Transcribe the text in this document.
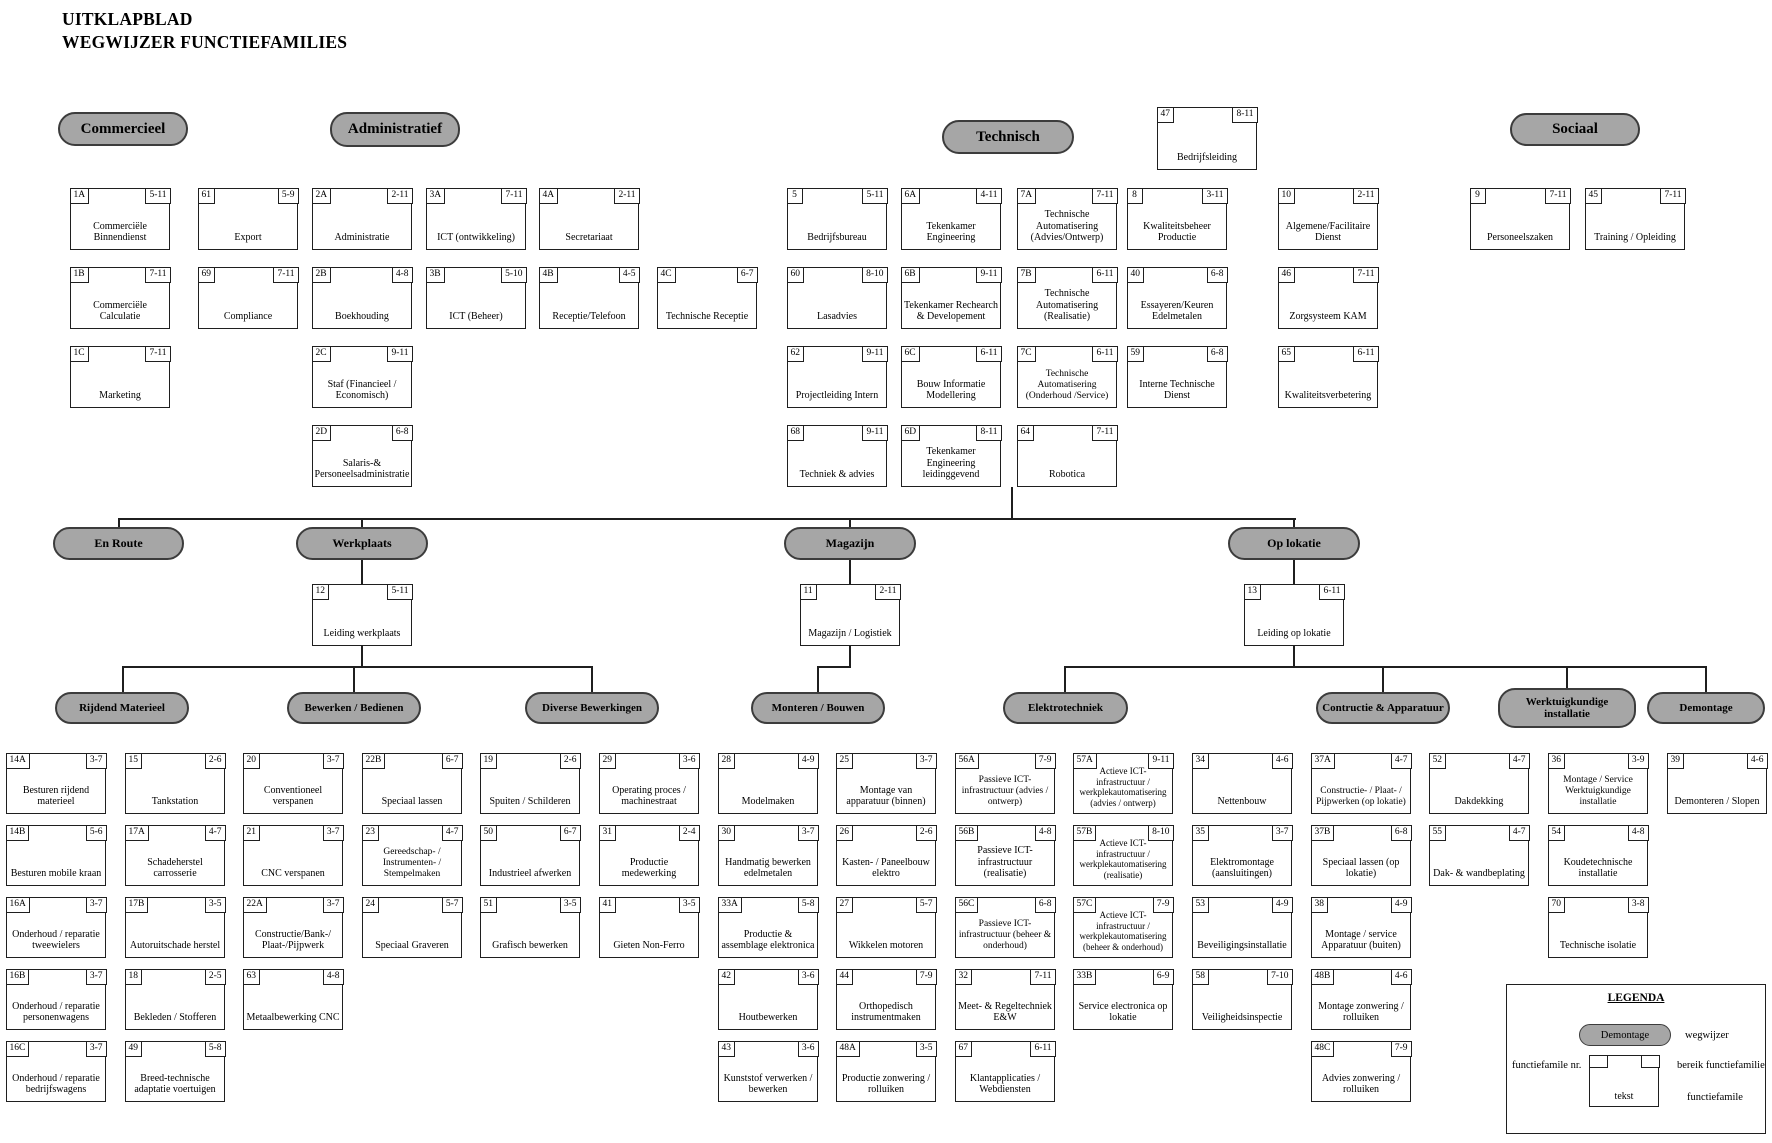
UITKLAPBLAD
WEGWIJZER FUNCTIEFAMILIES
LEGENDA
Demontage	wegwijzer
functiefamile nr.
tekst
bereik functiefamilie
functiefamile
Commercieel	Administratief	Technisch	Sociaal
En Route	Werkplaats	Magazijn	Op lokatie
Rijdend Materieel	Bewerken / Bedienen	Diverse Bewerkingen	Monteren / Bouwen	Elektrotechniek	Contructie & Apparatuur
Werktuigkundige installatie
Demontage
1A	5-11
Commerciële Binnendienst
1B	7-11
Commerciële Calculatie
1C	7-11
Marketing
61	5-9
Export
69	7-11
Compliance
2A	2-11
Administratie
2B	4-8
Boekhouding
2C	9-11
Staf (Financieel / Economisch)
2D	6-8
Salaris-& Personeelsadministratie
3A	7-11
ICT (ontwikkeling)
3B	5-10
ICT (Beheer)
4A	2-11
Secretariaat
4B	4-5
Receptie/Telefoon
4C	6-7
Technische Receptie
5	5-11
Bedrijfsbureau
60	8-10
Lasadvies
62	9-11
Projectleiding Intern
68	9-11
Techniek & advies
6A	4-11
Tekenkamer Engineering
6B	9-11
Tekenkamer Rechearch & Developement
6C	6-11
Bouw Informatie Modellering
6D	8-11
Tekenkamer Engineering leidinggevend
7A	7-11
Technische Automatisering (Advies/Ontwerp)
7B	6-11
Technische Automatisering (Realisatie)
7C	6-11
Technische Automatisering (Onderhoud /Service)
64	7-11
Robotica
8	3-11
Kwaliteitsbeheer Productie
40	6-8
Essayeren/Keuren Edelmetalen
59	6-8
Interne Technische Dienst
47	8-11
Bedrijfsleiding
10	2-11
Algemene/Facilitaire Dienst
46	7-11
Zorgsysteem KAM
65	6-11
Kwaliteitsverbetering
9	7-11
Personeelszaken
45	7-11
Training / Opleiding
12	5-11
Leiding werkplaats
11	2-11
Magazijn / Logistiek
13	6-11
Leiding op lokatie
14A	3-7
Besturen rijdend materieel
14B	5-6
Besturen mobile kraan
16A	3-7
Onderhoud / reparatie tweewielers
16B	3-7
Onderhoud / reparatie personenwagens
16C	3-7
Onderhoud / reparatie bedrijfswagens
15	2-6
Tankstation
17A	4-7
Schadeherstel carrosserie
17B	3-5
Autoruitschade herstel
18	2-5
Bekleden / Stofferen
49	5-8
Breed-technische adaptatie voertuigen
20	3-7
Conventioneel verspanen
21	3-7
CNC verspanen
22A	3-7
Constructie/Bank-/ Plaat-/Pijpwerk
63	4-8
Metaalbewerking CNC
22B	6-7
Speciaal lassen
23	4-7
Gereedschap- / Instrumenten- / Stempelmaken
24	5-7
Speciaal Graveren
19	2-6
Spuiten / Schilderen
50	6-7
Industrieel afwerken
51	3-5
Grafisch bewerken
29	3-6
Operating proces / machinestraat
31	2-4
Productie medewerking
41	3-5
Gieten Non-Ferro
28	4-9
Modelmaken
30	3-7
Handmatig bewerken edelmetalen
33A	5-8
Productie & assemblage elektronica
42	3-6
Houtbewerken
43	3-6
Kunststof verwerken / bewerken
25	3-7
Montage van apparatuur (binnen)
26	2-6
Kasten- / Paneelbouw elektro
27	5-7
Wikkelen motoren
44	7-9
Orthopedisch instrumentmaken
48A	3-5
Productie zonwering / rolluiken
56A	7-9
Passieve ICT-infrastructuur (advies / ontwerp)
56B	4-8
Passieve ICT-infrastructuur (realisatie)
56C	6-8
Passieve ICT-infrastructuur (beheer & onderhoud)
32	7-11
Meet- & Regeltechniek E&W
67	6-11
Klantapplicaties / Webdiensten
57A	9-11
Actieve ICT-infrastructuur / werkplekautomatisering (advies / ontwerp)
57B	8-10
Actieve ICT-infrastructuur / werkplekautomatisering (realisatie)
57C	7-9
Actieve ICT-infrastructuur / werkplekautomatisering (beheer & onderhoud)
33B	6-9
Service electronica op lokatie
34	4-6
Nettenbouw
35	3-7
Elektromontage (aansluitingen)
53	4-9
Beveiligingsinstallatie
58	7-10
Veiligheidsinspectie
37A	4-7
Constructie- / Plaat- / Pijpwerken (op lokatie)
37B	6-8
Speciaal lassen (op lokatie)
38	4-9
Montage / service Apparatuur (buiten)
48B	4-6
Montage zonwering / rolluiken
48C	7-9
Advies zonwering / rolluiken
52	4-7
Dakdekking
55	4-7
Dak- & wandbeplating
36	3-9
Montage / Service Werktuigkundige installatie
54	4-8
Koudetechnische installatie
70	3-8
Technische isolatie
39	4-6
Demonteren / Slopen
